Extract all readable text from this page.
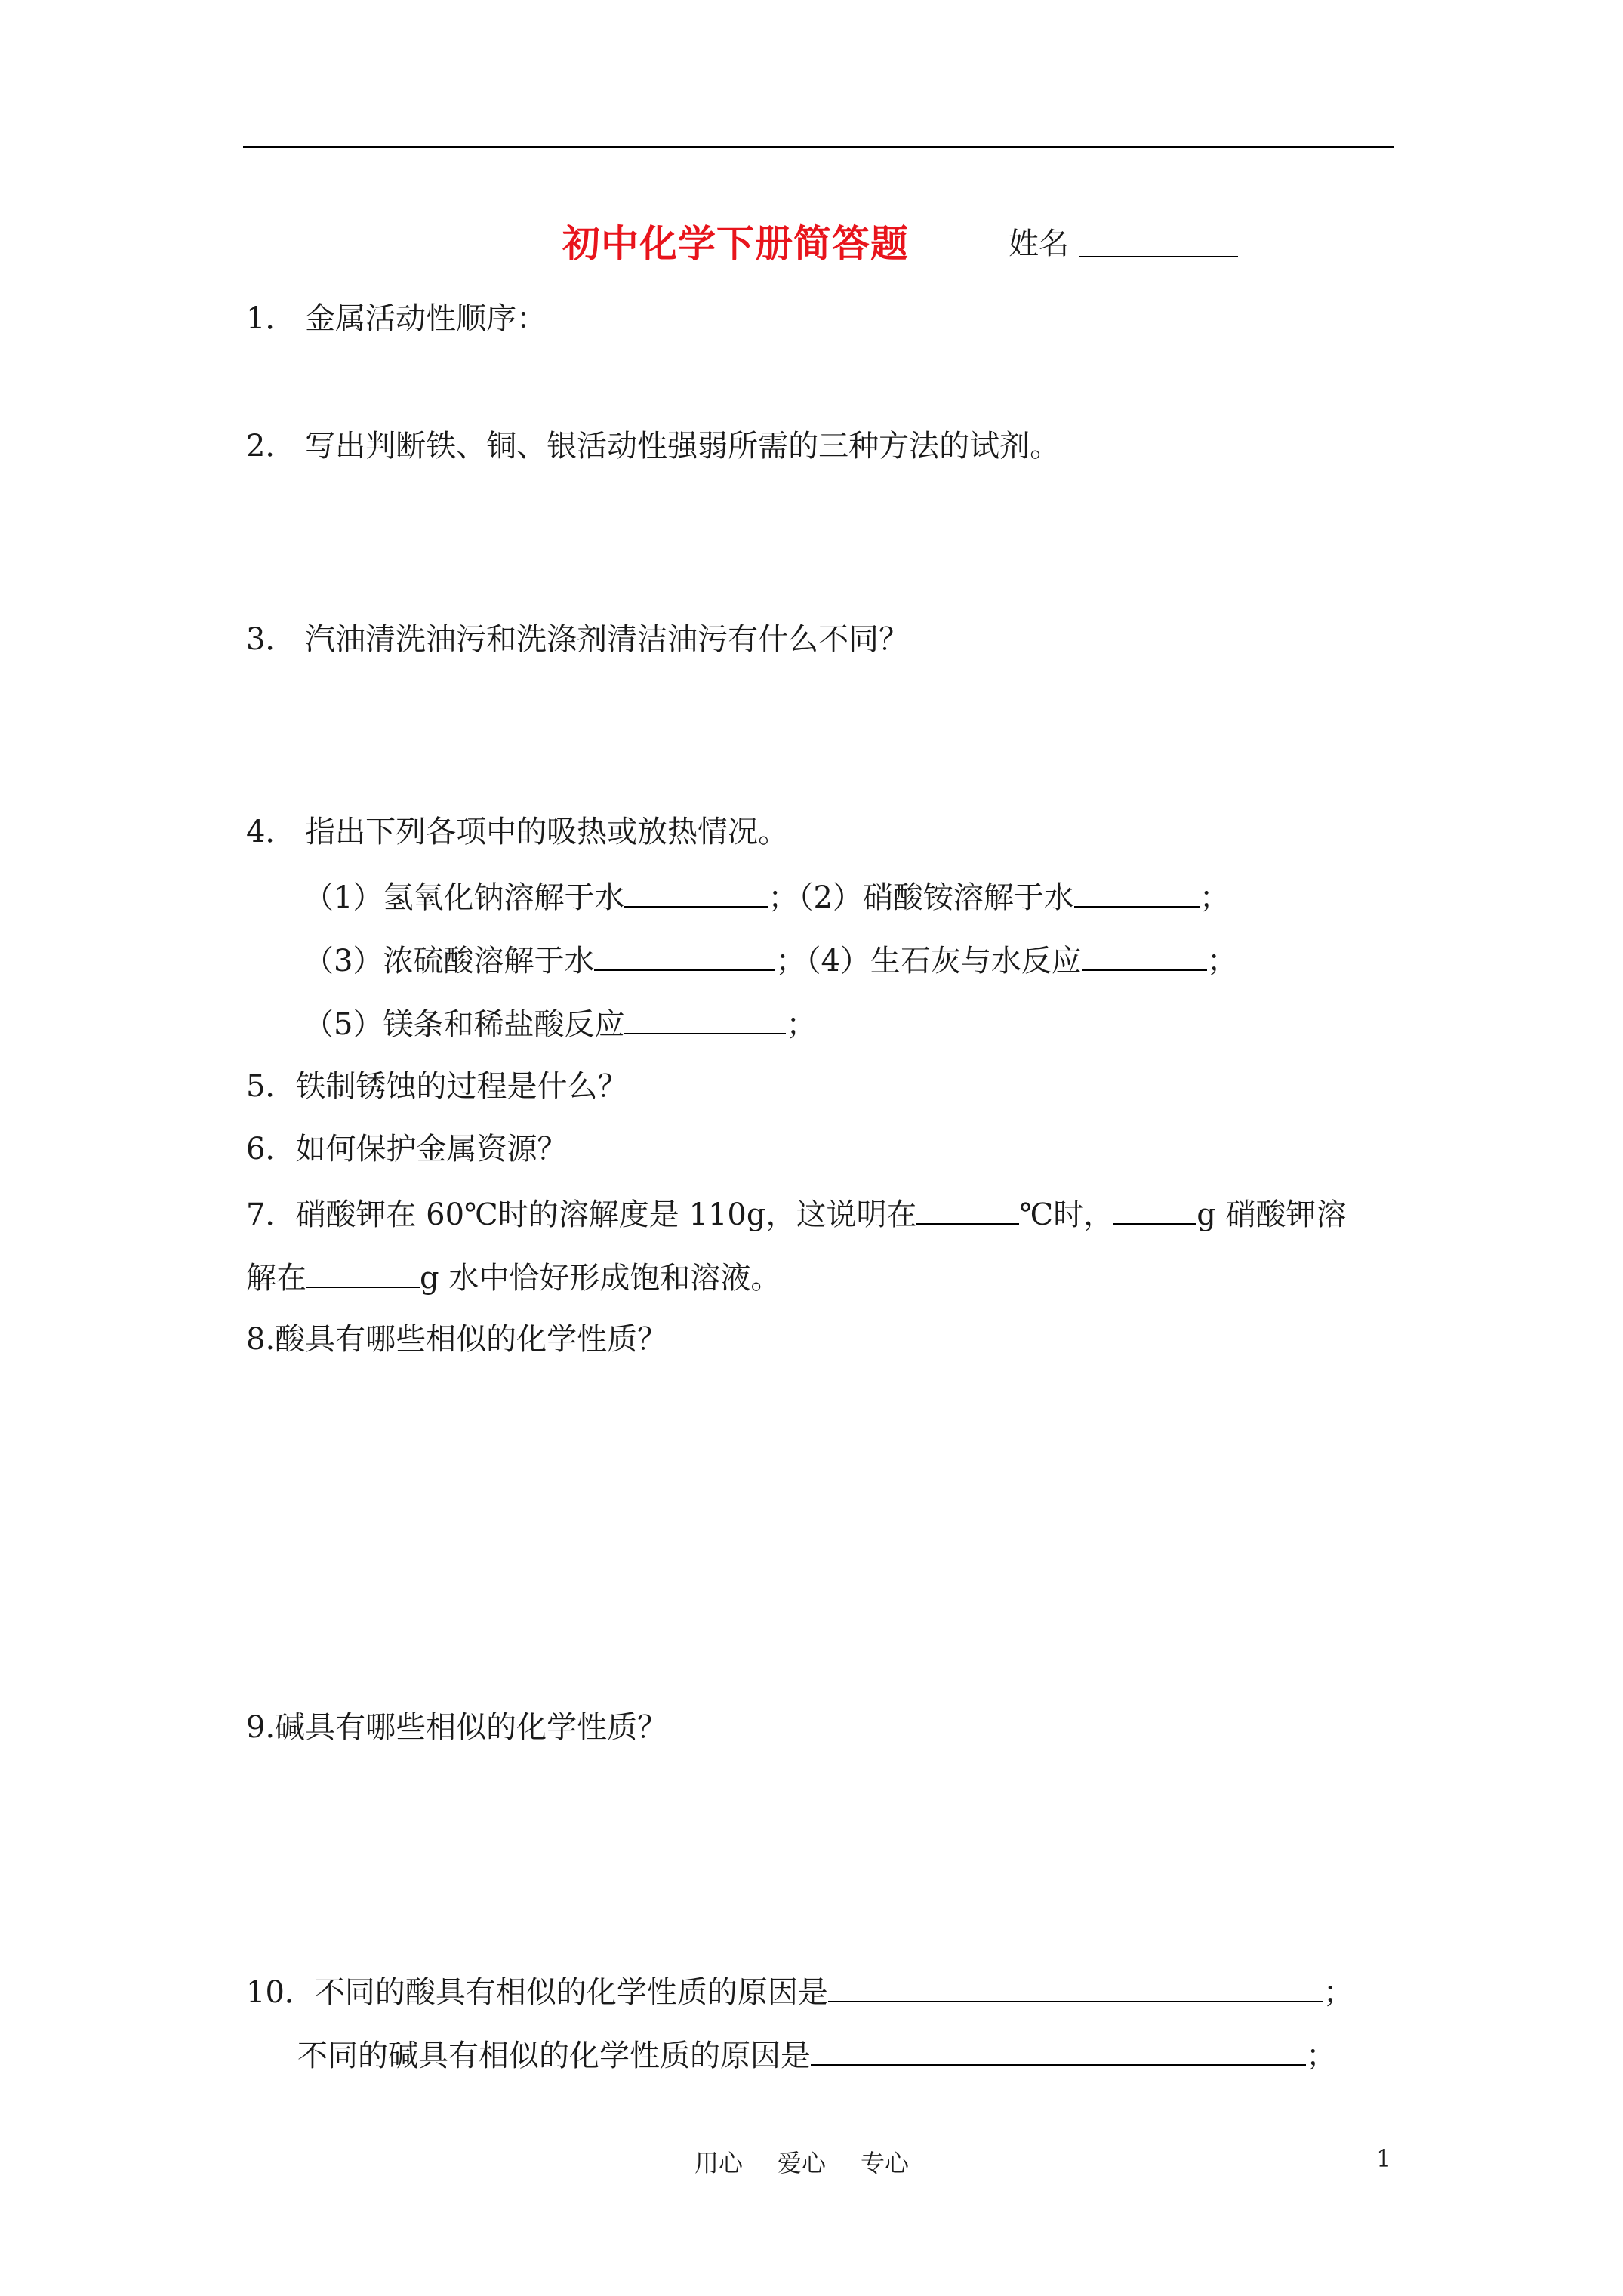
初中化学下册简答题	姓名
1． 金属活动性顺序：
2． 写出判断铁、铜、银活动性强弱所需的三种方法的试剂。
3． 汽油清洗油污和洗涤剂清洁油污有什么不同？
4． 指出下列各项中的吸热或放热情况。
（1）氢氧化钠溶解于水	；（2）硝酸铵溶解于水	；
（3）浓硫酸溶解于水	；（4）生石灰与水反应	；
（5）镁条和稀盐酸反应	；
5．铁制锈蚀的过程是什么？
6．如何保护金属资源？
7．硝酸钾在 60℃时的溶解度是 110g，这说明在	℃时，	g 硝酸钾溶
解在	g 水中恰好形成饱和溶液。
8.酸具有哪些相似的化学性质？
9.碱具有哪些相似的化学性质？
10．不同的酸具有相似的化学性质的原因是	；
不同的碱具有相似的化学性质的原因是	；
用心 爱心 专心	1
